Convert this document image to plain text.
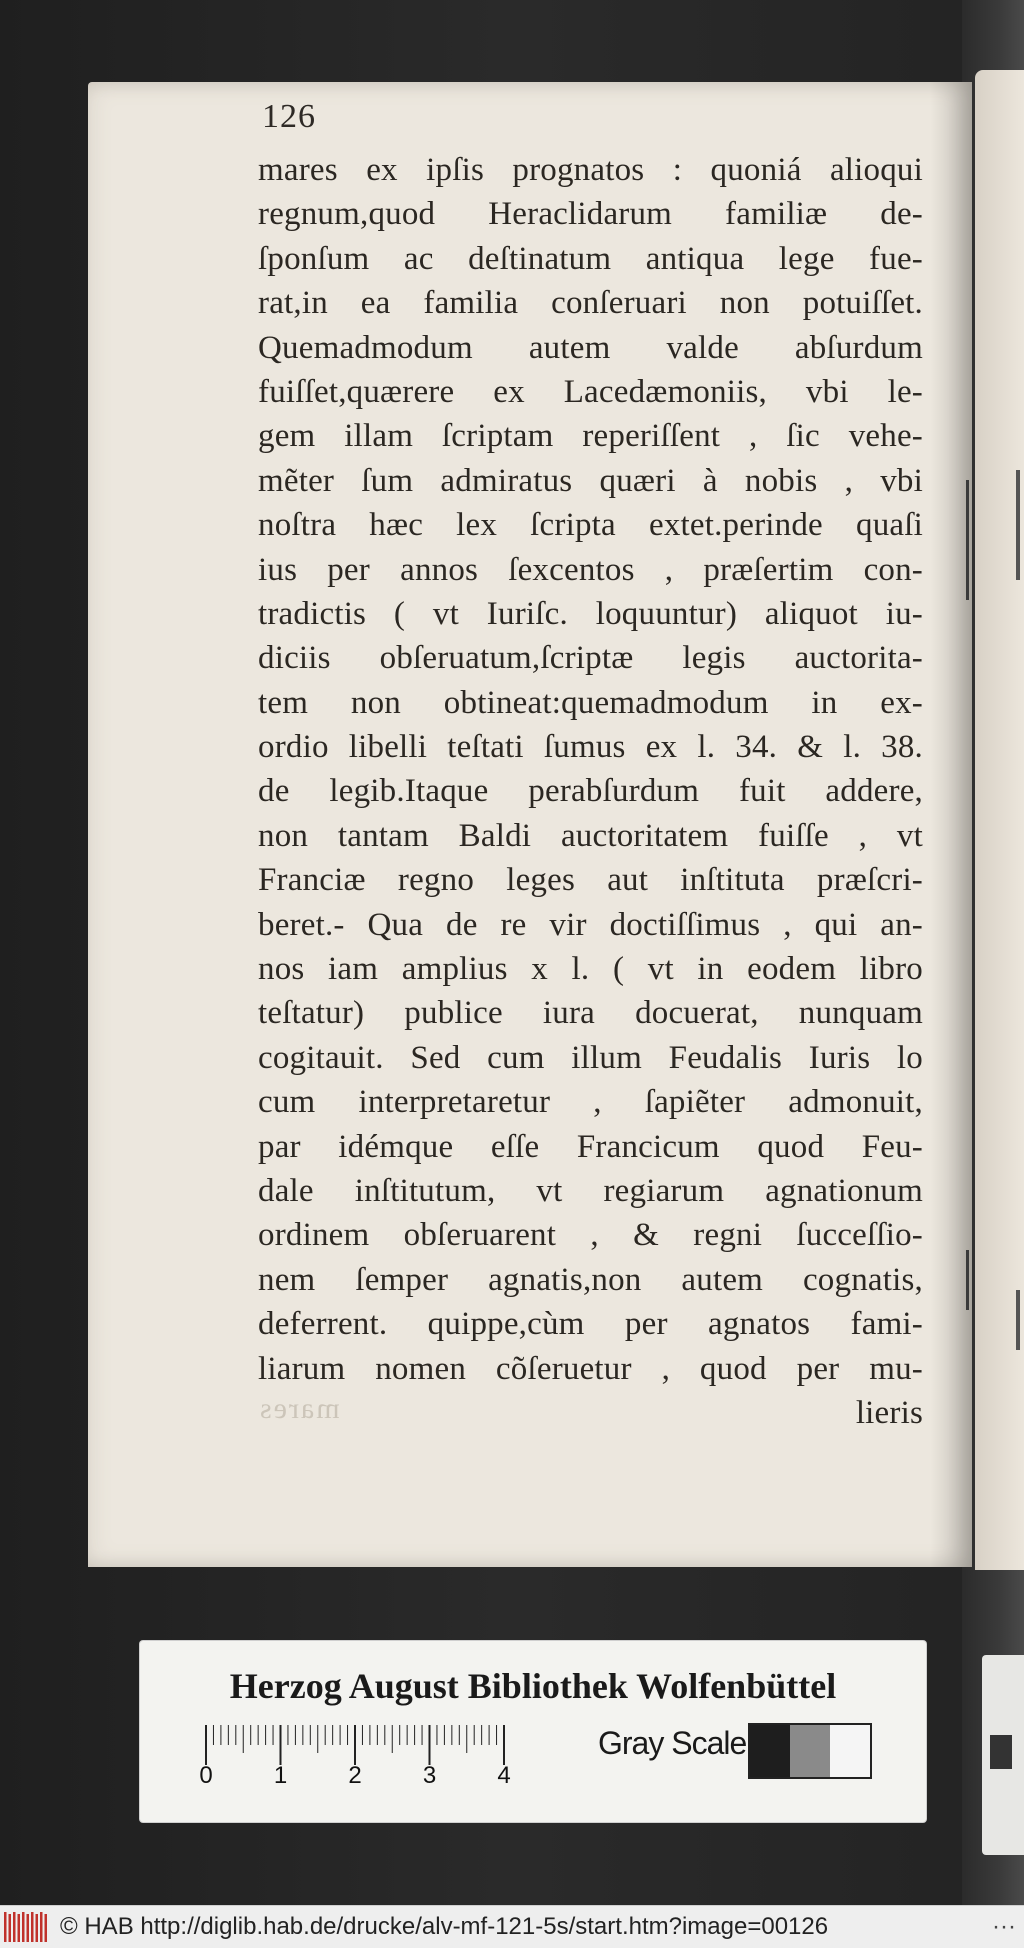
126
mares ex ipſis prognatos : quoniá alioqui
regnum,quod Heraclidarum familiæ de-
ſponſum ac deſtinatum antiqua lege fue-
rat,in ea familia conſeruari non potuiſſet.
Quemadmodum autem valde abſurdum
fuiſſet,quærere ex Lacedæmoniis, vbi le-
gem illam ſcriptam reperiſſent , ſic vehe-
mẽter ſum admiratus quæri à nobis , vbi
noſtra hæc lex ſcripta extet.perinde quaſi
ius per annos ſexcentos , præſertim con-
tradictis ( vt Iuriſc. loquuntur) aliquot iu-
diciis obſeruatum,ſcriptæ legis auctorita-
tem non obtineat:quemadmodum in ex-
ordio libelli teſtati ſumus ex l. 34. & l. 38.
de legib.Itaque perabſurdum fuit addere,
non tantam Baldi auctoritatem fuiſſe , vt
Franciæ regno leges aut inſtituta præſcri-
beret.- Qua de re vir doctiſſimus , qui an-
nos iam amplius x l. ( vt in eodem libro
teſtatur) publice iura docuerat, nunquam
cogitauit. Sed cum illum Feudalis Iuris lo
cum interpretaretur , ſapiẽter admonuit,
par idémque eſſe Francicum quod Feu-
dale inſtitutum, vt regiarum agnationum
ordinem obſeruarent , & regni ſucceſſio-
nem ſemper agnatis,non autem cognatis,
deferrent. quippe,cùm per agnatos fami-
liarum nomen cõſeruetur , quod per mu-
lieris
mares
Herzog August Bibliothek Wolfenbüttel
0	1	2	3	4
Gray Scale
© HAB http://diglib.hab.de/drucke/alv-mf-121-5s/start.htm?image=00126	···
